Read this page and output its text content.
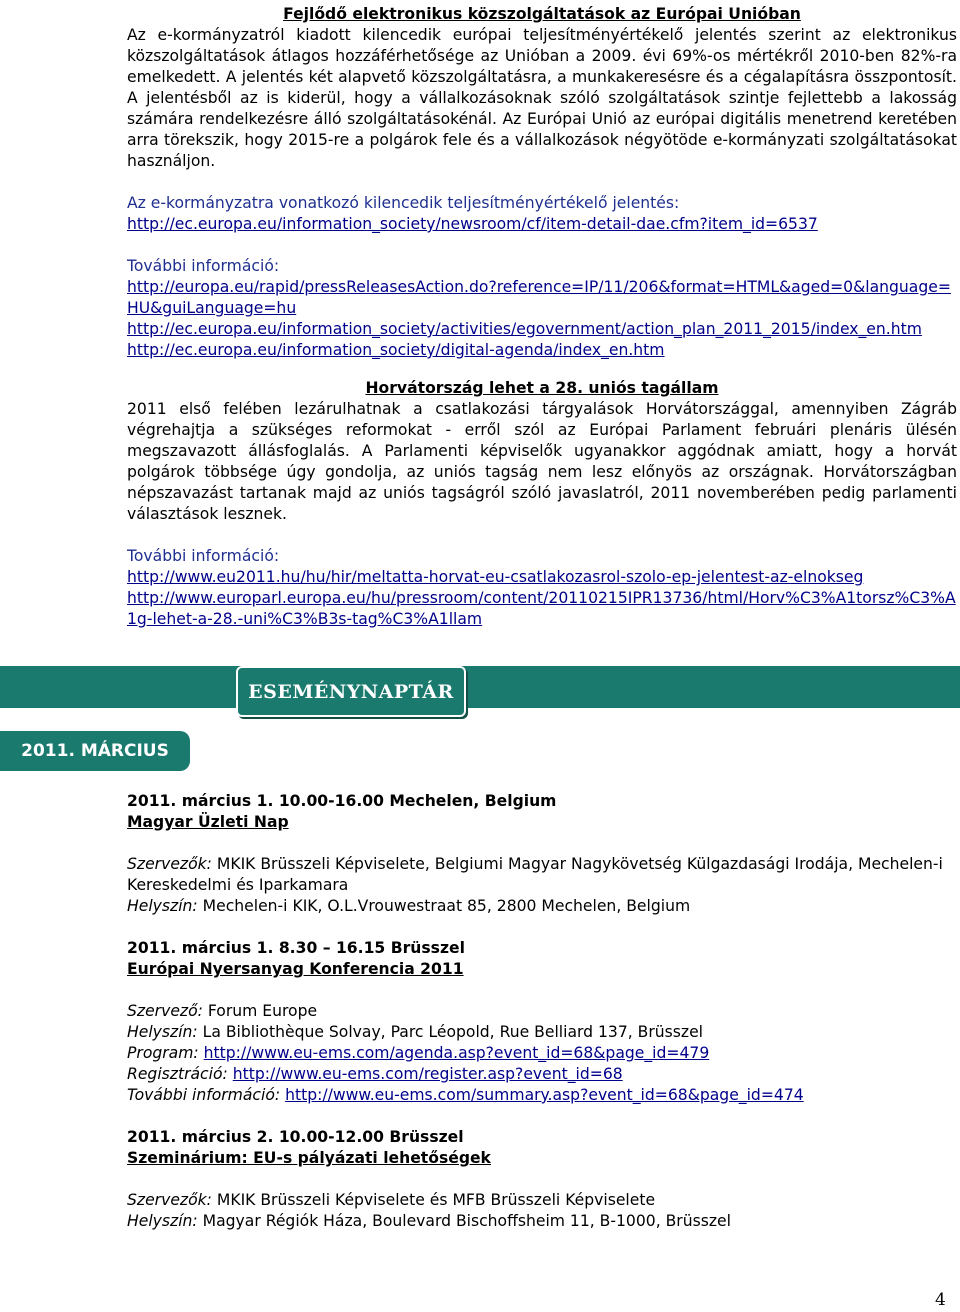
Fejlődő elektronikus közszolgáltatások az Európai Unióban

Az e-kormányzatról kiadott kilencedik európai teljesítményértékelő jelentés szerint az elektronikus közszolgáltatások átlagos hozzáférhetősége az Unióban a 2009. évi 69%-os mértékről 2010-ben 82%-ra emelkedett. A jelentés két alapvető közszolgáltatásra, a munkakeresésre és a cégalapításra összpontosít. A jelentésből az is kiderül, hogy a vállalkozásoknak szóló szolgáltatások szintje fejlettebb a lakosság számára rendelkezésre álló szolgáltatásokénál. Az Európai Unió az európai digitális menetrend keretében arra törekszik, hogy 2015-re a polgárok fele és a vállalkozások négyötöde e-kormányzati szolgáltatásokat használjon.

Az e-kormányzatra vonatkozó kilencedik teljesítményértékelő jelentés:
http://ec.europa.eu/information_society/newsroom/cf/item-detail-dae.cfm?item_id=6537
További információ:
http://europa.eu/rapid/pressReleasesAction.do?reference=IP/11/206&format=HTML&aged=0&language=HU&guiLanguage=hu
http://ec.europa.eu/information_society/activities/egovernment/action_plan_2011_2015/index_en.htm
http://ec.europa.eu/information_society/digital-agenda/index_en.htm
Horvátország lehet a 28. uniós tagállam

2011 első felében lezárulhatnak a csatlakozási tárgyalások Horvátországgal, amennyiben Zágráb végrehajtja a szükséges reformokat - erről szól az Európai Parlament februári plenáris ülésén megszavazott állásfoglalás. A Parlamenti képviselők ugyanakkor aggódnak amiatt, hogy a horvát polgárok többsége úgy gondolja, az uniós tagság nem lesz előnyös az országnak. Horvátországban népszavazást tartanak majd az uniós tagságról szóló javaslatról, 2011 novemberében pedig parlamenti választások lesznek.

További információ:
http://www.eu2011.hu/hu/hir/meltatta-horvat-eu-csatlakozasrol-szolo-ep-jelentest-az-elnokseg
http://www.europarl.europa.eu/hu/pressroom/content/20110215IPR13736/html/Horv%C3%A1torsz%C3%A1g-lehet-a-28.-uni%C3%B3s-tag%C3%A1llam
ESEMÉNYNAPTÁR
2011. MÁRCIUS
2011. március 1. 10.00-16.00 Mechelen, Belgium
Magyar Üzleti Nap
Szervezők: MKIK Brüsszeli Képviselete, Belgiumi Magyar Nagykövetség Külgazdasági Irodája, Mechelen-i Kereskedelmi és Iparkamara
Helyszín: Mechelen-i KIK, O.L.Vrouwestraat 85, 2800 Mechelen, Belgium
2011. március 1. 8.30 – 16.15 Brüsszel
Európai Nyersanyag Konferencia 2011
Szervező: Forum Europe
Helyszín: La Bibliothèque Solvay, Parc Léopold, Rue Belliard 137, Brüsszel
Program: http://www.eu-ems.com/agenda.asp?event_id=68&page_id=479
Regisztráció: http://www.eu-ems.com/register.asp?event_id=68
További információ: http://www.eu-ems.com/summary.asp?event_id=68&page_id=474
2011. március 2. 10.00-12.00 Brüsszel
Szeminárium: EU-s pályázati lehetőségek
Szervezők: MKIK Brüsszeli Képviselete és MFB Brüsszeli Képviselete
Helyszín: Magyar Régiók Háza, Boulevard Bischoffsheim 11, B-1000, Brüsszel
4
